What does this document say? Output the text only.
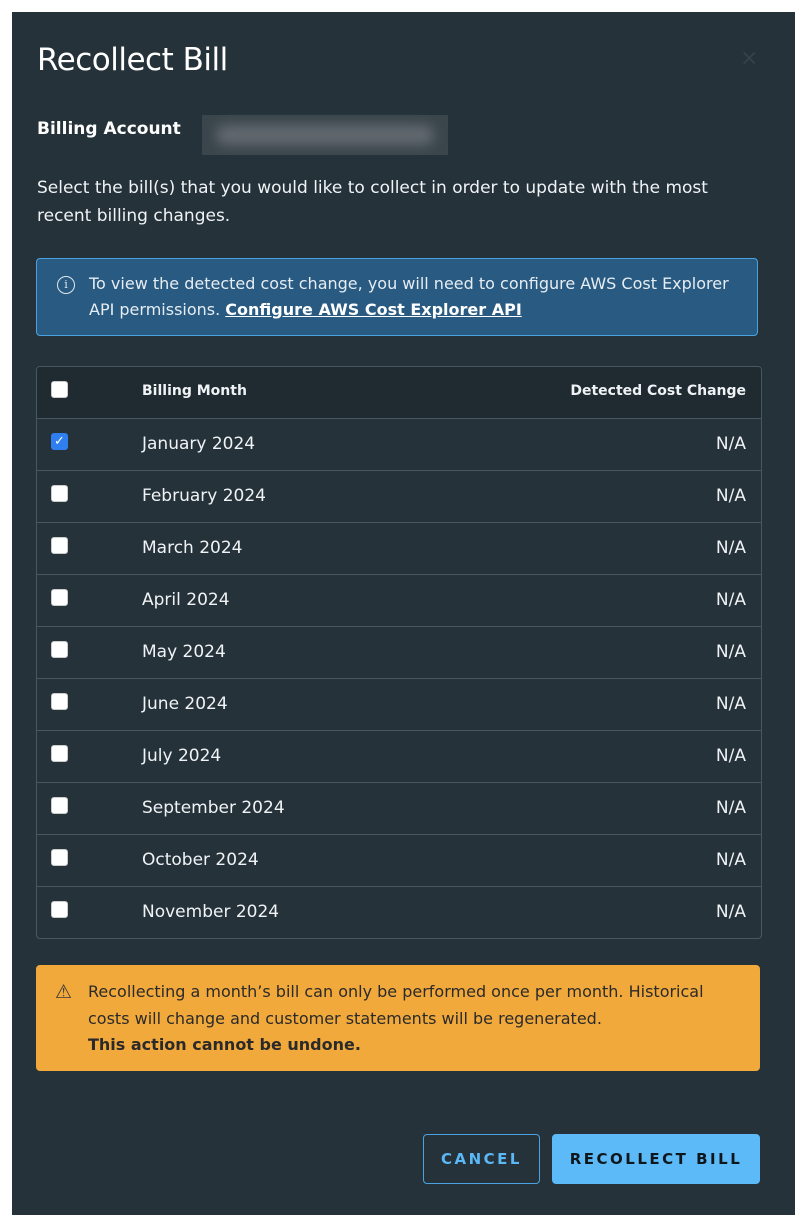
Recollect Bill	×
Billing Account
Select the bill(s) that you would like to collect in order to update with the most recent billing changes.
i	To view the detected cost change, you will need to configure AWS Cost Explorer API permissions. Configure AWS Cost Explorer API
Billing Month	Detected Cost Change
✓	January 2024	N/A
February 2024	N/A
March 2024	N/A
April 2024	N/A
May 2024	N/A
June 2024	N/A
July 2024	N/A
September 2024	N/A
October 2024	N/A
November 2024	N/A
⚠ Recollecting a month’s bill can only be performed once per month. Historical costs will change and customer statements will be regenerated.
This action cannot be undone.
CANCEL	RECOLLECT BILL
